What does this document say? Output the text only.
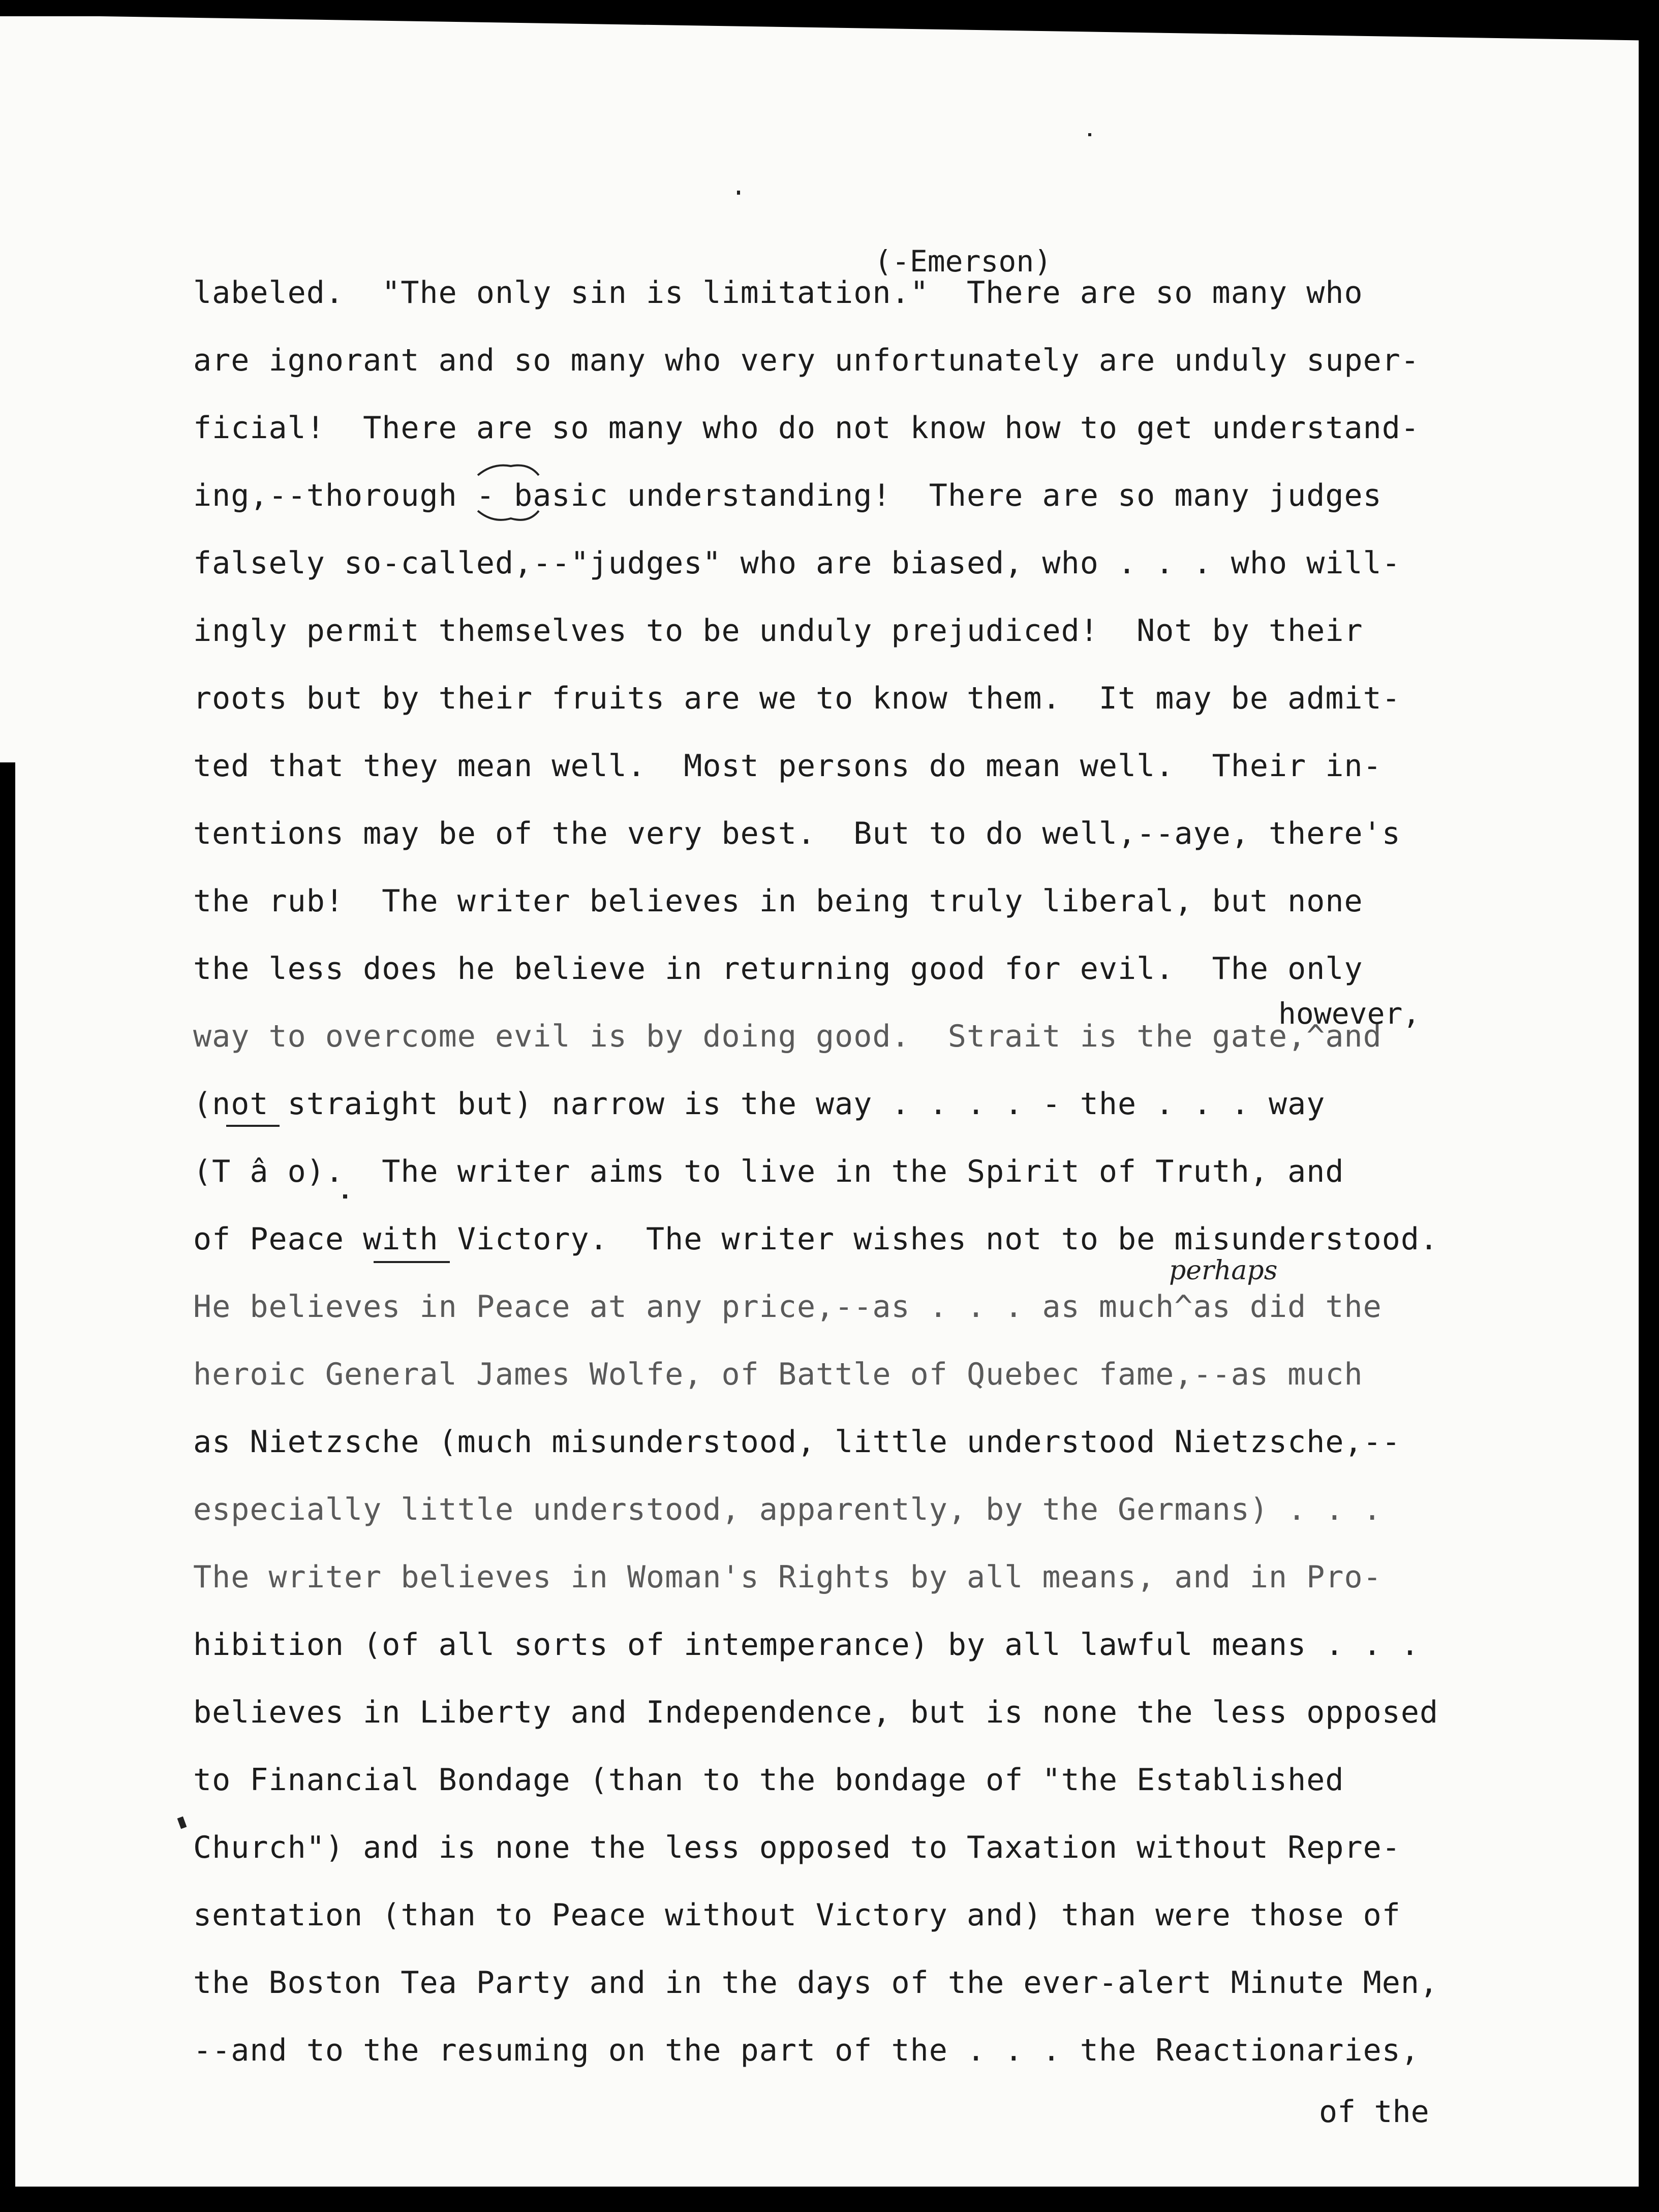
(-Emerson)
labeled.  "The only sin is limitation."  There are so many who
are ignorant and so many who very unfortunately are unduly super-
ficial!  There are so many who do not know how to get understand-
ing,--thorough - basic understanding!  There are so many judges
falsely so-called,--"judges" who are biased, who . . . who will-
ingly permit themselves to be unduly prejudiced!  Not by their
roots but by their fruits are we to know them.  It may be admit-
ted that they mean well.  Most persons do mean well.  Their in-
tentions may be of the very best.  But to do well,--aye, there's
the rub!  The writer believes in being truly liberal, but none
the less does he believe in returning good for evil.  The only
way to overcome evil is by doing good.  Strait is the gate,^and
(not straight but) narrow is the way . . . . - the . . . way
(T â o).  The writer aims to live in the Spirit of Truth, and
of Peace with Victory.  The writer wishes not to be misunderstood.
He believes in Peace at any price,--as . . . as much^as did the
heroic General James Wolfe, of Battle of Quebec fame,--as much
as Nietzsche (much misunderstood, little understood Nietzsche,--
especially little understood, apparently, by the Germans) . . .
The writer believes in Woman's Rights by all means, and in Pro-
hibition (of all sorts of intemperance) by all lawful means . . .
believes in Liberty and Independence, but is none the less opposed
to Financial Bondage (than to the bondage of "the Established
Church") and is none the less opposed to Taxation without Repre-
sentation (than to Peace without Victory and) than were those of
the Boston Tea Party and in the days of the ever-alert Minute Men,
--and to the resuming on the part of the . . . the Reactionaries,
however,
perhaps
of the
